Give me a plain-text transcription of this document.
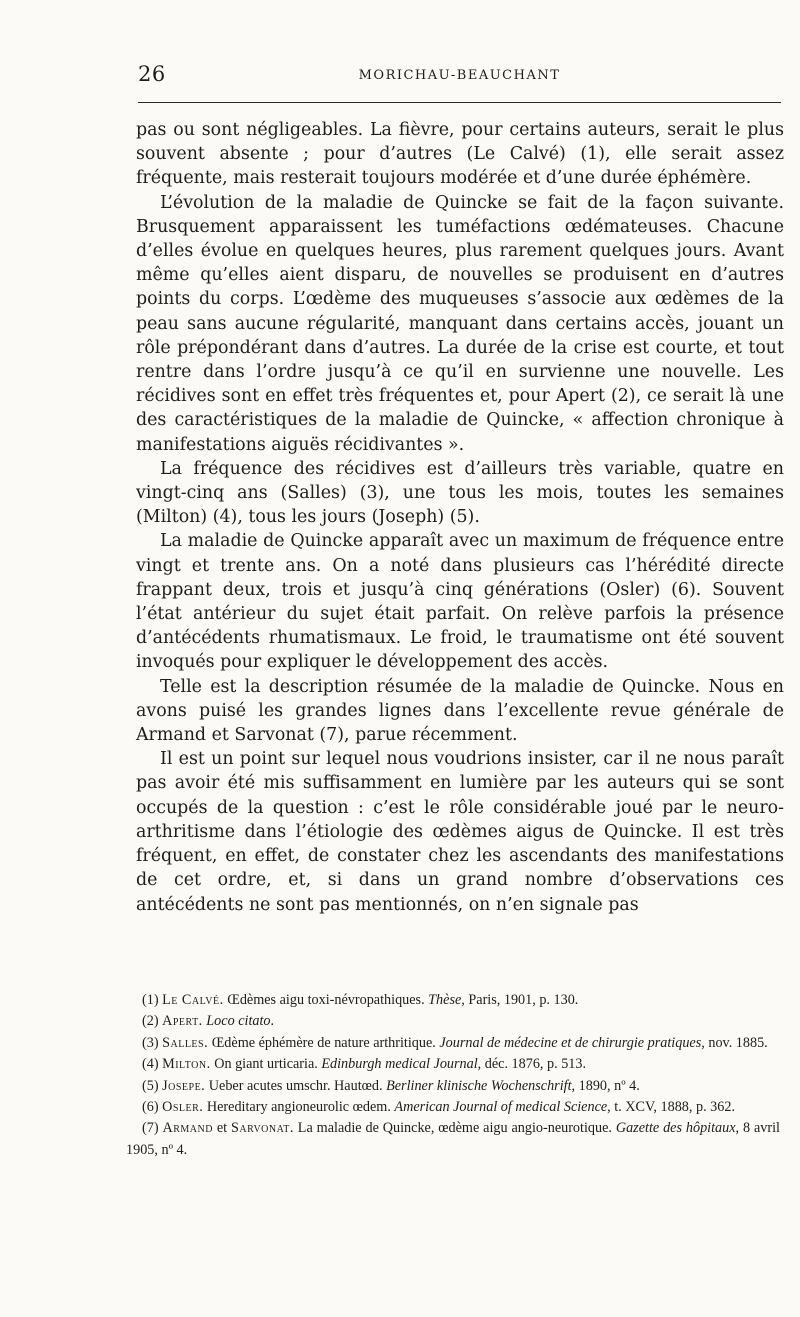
26	MORICHAU-BEAUCHANT

pas ou sont négligeables. La fièvre, pour certains auteurs, serait le plus souvent absente ; pour d’autres (Le Calvé) (1), elle serait assez fréquente, mais resterait toujours modérée et d’une durée éphémère.

L’évolution de la maladie de Quincke se fait de la façon suivante. Brusquement apparaissent les tuméfactions œdémateuses. Chacune d’elles évolue en quelques heures, plus rarement quelques jours. Avant même qu’elles aient disparu, de nouvelles se produisent en d’autres points du corps. L’œdème des muqueuses s’associe aux œdèmes de la peau sans aucune régularité, manquant dans certains accès, jouant un rôle prépondérant dans d’autres. La durée de la crise est courte, et tout rentre dans l’ordre jusqu’à ce qu’il en survienne une nouvelle. Les récidives sont en effet très fréquentes et, pour Apert (2), ce serait là une des caractéristiques de la maladie de Quincke, « affection chronique à manifestations aiguës récidivantes ».

La fréquence des récidives est d’ailleurs très variable, quatre en vingt-cinq ans (Salles) (3), une tous les mois, toutes les semaines (Milton) (4), tous les jours (Joseph) (5).

La maladie de Quincke apparaît avec un maximum de fréquence entre vingt et trente ans. On a noté dans plusieurs cas l’hérédité directe frappant deux, trois et jusqu’à cinq générations (Osler) (6). Souvent l’état antérieur du sujet était parfait. On relève parfois la présence d’antécédents rhumatismaux. Le froid, le traumatisme ont été souvent invoqués pour expliquer le développement des accès.

Telle est la description résumée de la maladie de Quincke. Nous en avons puisé les grandes lignes dans l’excellente revue générale de Armand et Sarvonat (7), parue récemment.

Il est un point sur lequel nous voudrions insister, car il ne nous paraît pas avoir été mis suffisamment en lumière par les auteurs qui se sont occupés de la question : c’est le rôle considérable joué par le neuro-arthritisme dans l’étiologie des œdèmes aigus de Quincke. Il est très fréquent, en effet, de constater chez les ascendants des manifestations de cet ordre, et, si dans un grand nombre d’observations ces antécédents ne sont pas mentionnés, on n’en signale pas

(1) Le Calvé. Œdèmes aigu toxi-névropathiques. Thèse, Paris, 1901, p. 130.

(2) Apert. Loco citato.

(3) Salles. Œdème éphémère de nature arthritique. Journal de médecine et de chirurgie pratiques, nov. 1885.

(4) Milton. On giant urticaria. Edinburgh medical Journal, déc. 1876, p. 513.

(5) Josepe. Ueber acutes umschr. Hautœd. Berliner klinische Wochenschrift, 1890, nº 4.

(6) Osler. Hereditary angioneurolic œdem. American Journal of medical Science, t. XCV, 1888, p. 362.

(7) Armand et Sarvonat. La maladie de Quincke, œdème aigu angio-neurotique. Gazette des hôpitaux, 8 avril 1905, nº 4.
